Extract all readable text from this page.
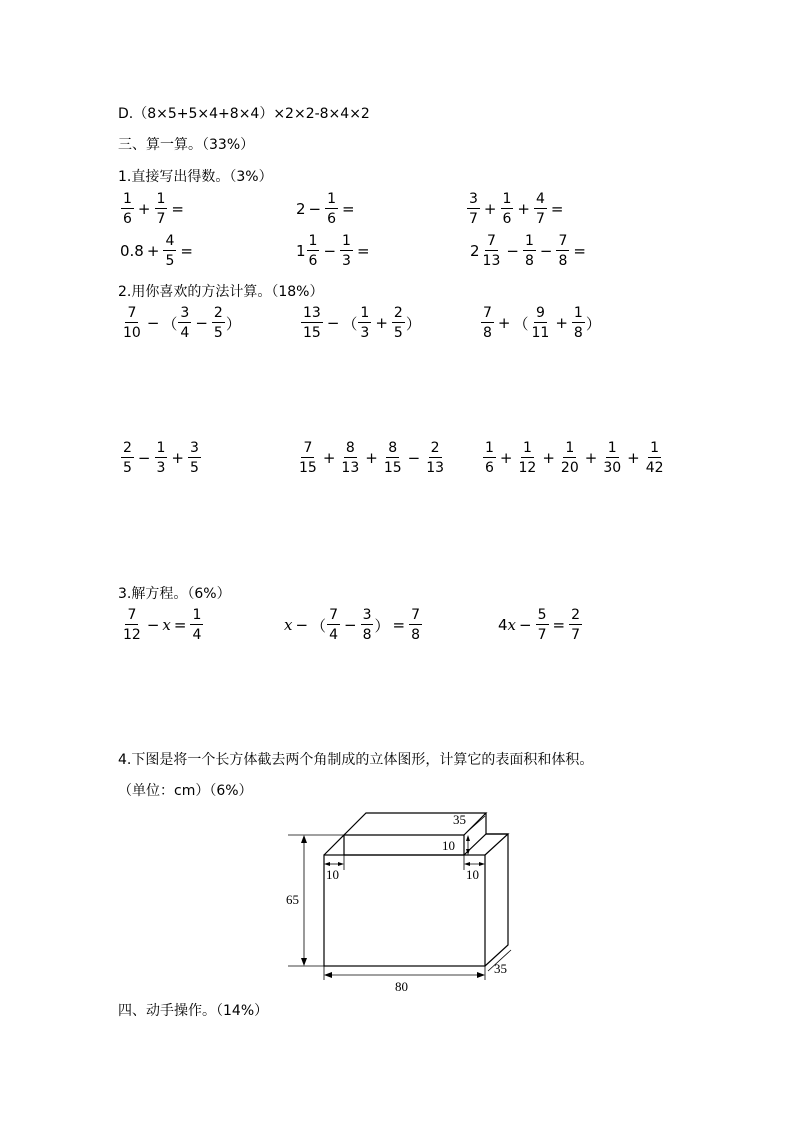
D.（8×5+5×4+8×4）×2×2-8×4×2
三、算一算。（33%）
1.直接写出得数。（3%）
$\frac{1}{6} + \frac{1}{7}$ =	$2 - \frac{1}{6}$ =	$\frac{3}{7} + \frac{1}{6} + \frac{4}{7}$ =
$0.8 + \frac{4}{5}$ =	$1 \frac{1}{6} - \frac{1}{3}$ =	$2 \frac{7}{13} - \frac{1}{8} - \frac{7}{8}$ =
2.用你喜欢的方法计算。（18%）
$\frac{7}{10}$ − （ $\frac{3}{4} - \frac{2}{5}$ ）	$\frac{13}{15}$ − （ $\frac{1}{3} + \frac{2}{5}$ ）	$\frac{7}{8}$ + （ $\frac{9}{11} + \frac{1}{8}$ ）
$\frac{2}{5} - \frac{1}{3} + \frac{3}{5}$	$\frac{7}{15} + \frac{8}{13} + \frac{8}{15} - \frac{2}{13}$	$\frac{1}{6} + \frac{1}{12} + \frac{1}{20} + \frac{1}{30} + \frac{1}{42}$
3.解方程。（6%）
$\frac{7}{12} - x = \frac{1}{4}$	x − （ $\frac{7}{4} - \frac{3}{8}$ ） = $\frac{7}{8}$	4 $x - \frac{5}{7} = \frac{2}{7}$
4.下图是将一个长方体截去两个角制成的立体图形，计算它的表面积和体积。
（单位：cm）（6%）
65
80
35
35
10
10	10
四、动手操作。（14%）
